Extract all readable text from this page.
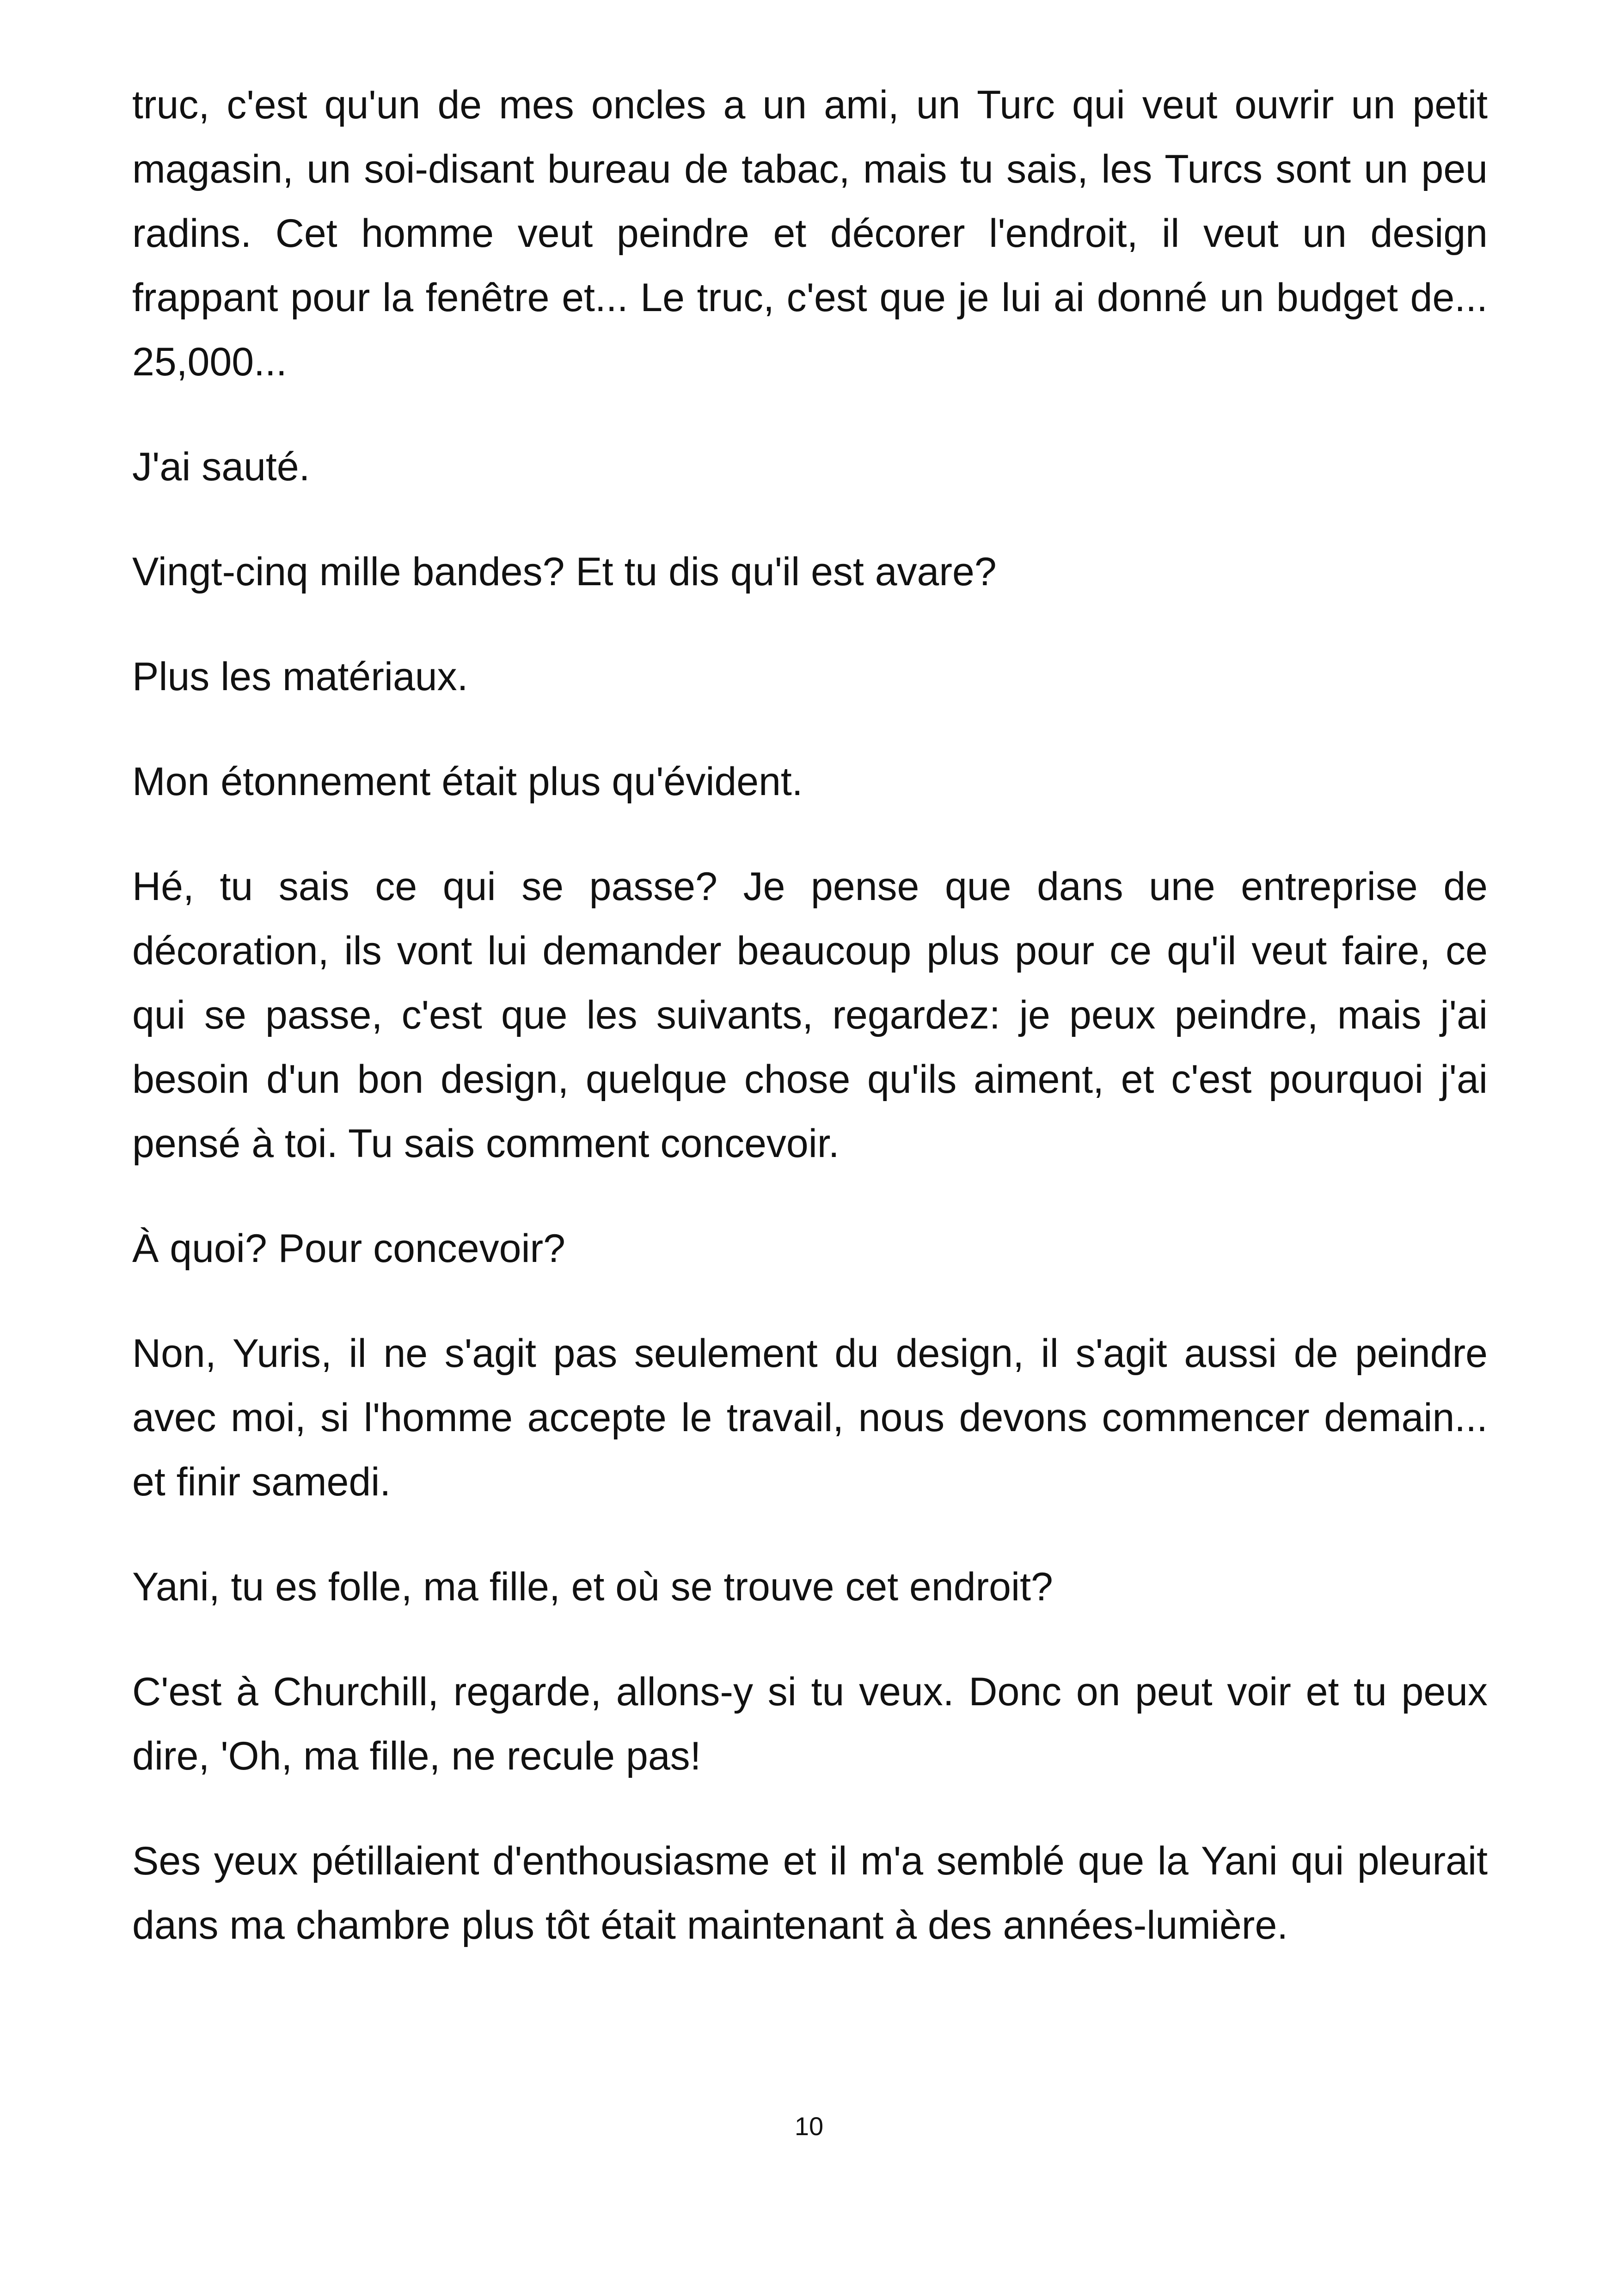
truc, c'est qu'un de mes oncles a un ami, un Turc qui veut ouvrir un petit magasin, un soi-disant bureau de tabac, mais tu sais, les Turcs sont un peu radins. Cet homme veut peindre et décorer l'endroit, il veut un design frappant pour la fenêtre et... Le truc, c'est que je lui ai donné un budget de... 25,000...

J'ai sauté.

Vingt-cinq mille bandes? Et tu dis qu'il est avare?

Plus les matériaux.

Mon étonnement était plus qu'évident.

Hé, tu sais ce qui se passe? Je pense que dans une entreprise de décoration, ils vont lui demander beaucoup plus pour ce qu'il veut faire, ce qui se passe, c'est que les suivants, regardez: je peux peindre, mais j'ai besoin d'un bon design, quelque chose qu'ils aiment, et c'est pourquoi j'ai pensé à toi. Tu sais comment concevoir.

À quoi? Pour concevoir?

Non, Yuris, il ne s'agit pas seulement du design, il s'agit aussi de peindre avec moi, si l'homme accepte le travail, nous devons commencer demain... et finir samedi.

Yani, tu es folle, ma fille, et où se trouve cet endroit?

C'est à Churchill, regarde, allons-y si tu veux. Donc on peut voir et tu peux dire, 'Oh, ma fille, ne recule pas!

Ses yeux pétillaient d'enthousiasme et il m'a semblé que la Yani qui pleurait dans ma chambre plus tôt était maintenant à des années-lumière.

10
